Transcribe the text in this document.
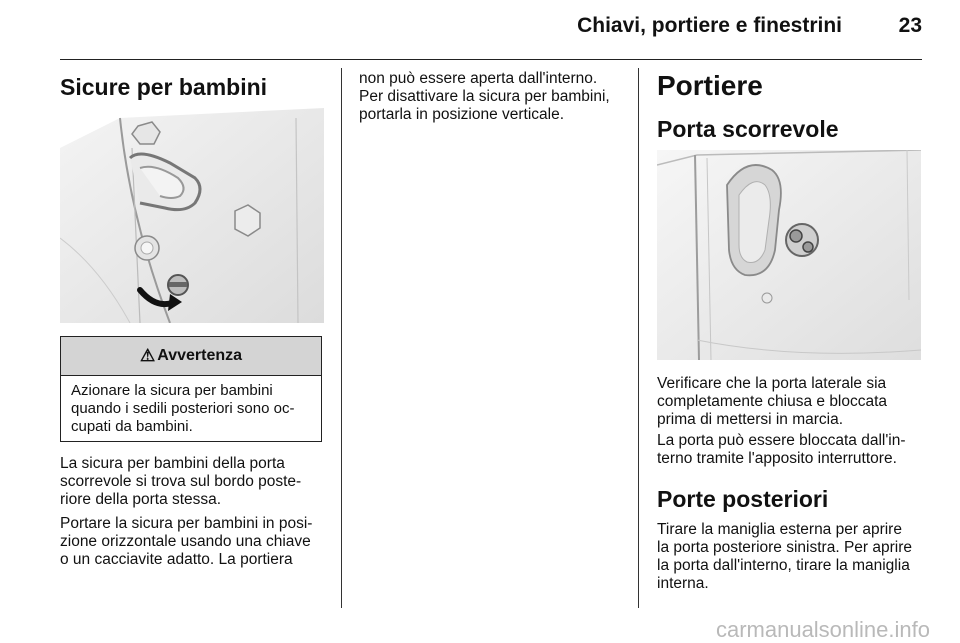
Chiavi, portiere e finestrini	23
Sicure per bambini
⚠ Avvertenza
Azionare la sicura per bambini
quando i sedili posteriori sono oc-
cupati da bambini.

La sicura per bambini della porta
scorrevole si trova sul bordo poste-
riore della porta stessa.

Portare la sicura per bambini in posi-
zione orizzontale usando una chiave
o un cacciavite adatto. La portiera

non può essere aperta dall'interno.
Per disattivare la sicura per bambini,
portarla in posizione verticale.

Portiere
Porta scorrevole

Verificare che la porta laterale sia
completamente chiusa e bloccata
prima di mettersi in marcia.

La porta può essere bloccata dall'in-
terno tramite l'apposito interruttore.

Porte posteriori

Tirare la maniglia esterna per aprire
la porta posteriore sinistra. Per aprire
la porta dall'interno, tirare la maniglia
interna.

carmanualsonline.info
